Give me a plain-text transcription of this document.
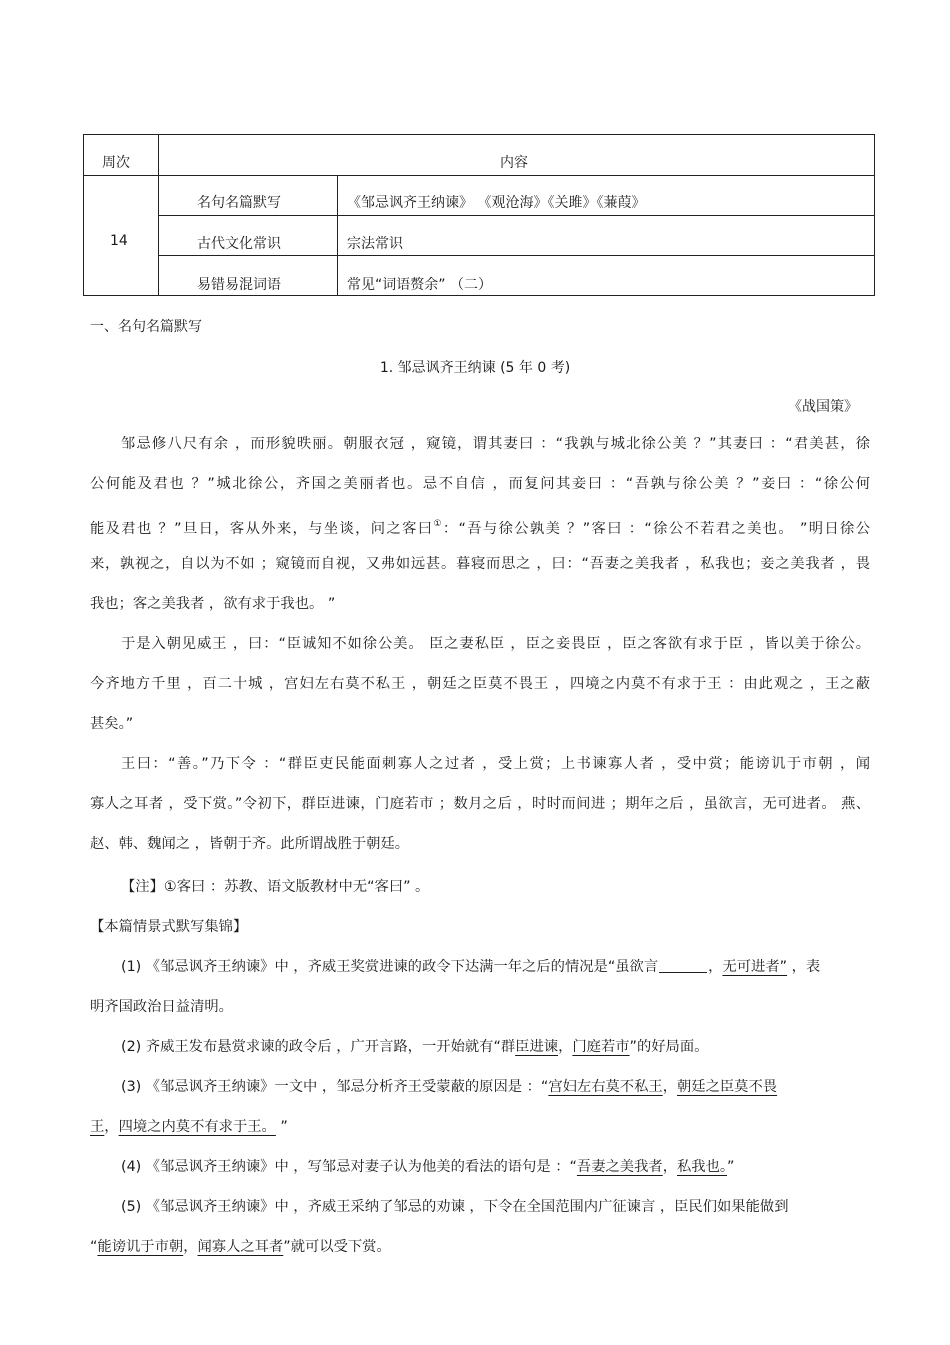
周次	内容
14
名句名篇默写	《邹忌讽齐王纳谏》 《观沧海》《关雎》《蒹葭》
古代文化常识	宗法常识
易错易混词语	常见“词语赘余” （二）
一、名句名篇默写
1. 邹忌讽齐王纳谏 (5 年 0 考)
《战国策》
邹忌修八尺有余 ，而形貌昳丽。朝服衣冠 ，窥镜，谓其妻曰 ：“我孰与城北徐公美 ？”其妻曰 ：“君美甚，徐
公何能及君也 ？”城北徐公，齐国之美丽者也。忌不自信 ，而复问其妾曰 ：“吾孰与徐公美 ？”妾曰 ：“徐公何
能及君也 ？”旦日，客从外来，与坐谈，问之客曰①：“吾与徐公孰美 ？”客曰 ：“徐公不若君之美也。 ”明日徐公
来，孰视之，自以为不如 ；窥镜而自视，又弗如远甚。暮寝而思之 ，曰：“吾妻之美我者 ，私我也；妾之美我者 ，畏
我也；客之美我者 ，欲有求于我也。 ”
于是入朝见威王 ，曰：“臣诚知不如徐公美。 臣之妻私臣 ，臣之妾畏臣 ，臣之客欲有求于臣 ，皆以美于徐公。
今齐地方千里 ，百二十城 ，宫妇左右莫不私王 ，朝廷之臣莫不畏王 ，四境之内莫不有求于王 ：由此观之 ，王之蔽
甚矣。”
王曰：“善。”乃下令 ：“群臣吏民能面刺寡人之过者 ，受上赏；上书谏寡人者 ，受中赏；能谤讥于市朝 ，闻
寡人之耳者 ，受下赏。”令初下，群臣进谏，门庭若市 ；数月之后 ，时时而间进 ；期年之后 ，虽欲言，无可进者。 燕、
赵、韩、魏闻之 ，皆朝于齐。此所谓战胜于朝廷。
【注】①客曰 ：苏教、语文版教材中无“客曰” 。
【本篇情景式默写集锦】
(1) 《邹忌讽齐王纳谏》中 ，齐威王奖赏进谏的政令下达满一年之后的情况是“虽欲言	，无可进者” ，表
明齐国政治日益清明。
(2) 齐威王发布悬赏求谏的政令后 ，广开言路，一开始就有“群臣进谏，门庭若市”的好局面。
(3) 《邹忌讽齐王纳谏》一文中 ，邹忌分析齐王受蒙蔽的原因是 ：“宫妇左右莫不私王，朝廷之臣莫不畏
王，四境之内莫不有求于王。 ”
(4) 《邹忌讽齐王纳谏》中 ，写邹忌对妻子认为他美的看法的语句是 ：“吾妻之美我者，私我也。”
(5) 《邹忌讽齐王纳谏》中 ，齐威王采纳了邹忌的劝谏 ，下令在全国范围内广征谏言 ，臣民们如果能做到
“能谤讥于市朝，闻寡人之耳者”就可以受下赏。
